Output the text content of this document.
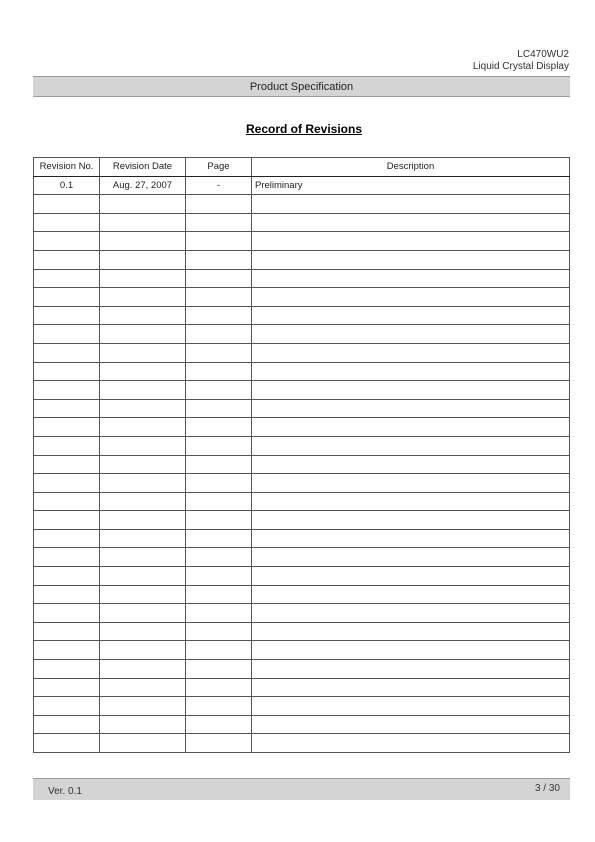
LC470WU2
Liquid Crystal Display
Product Specification
Record of Revisions
Revision No.	Revision Date	Page	Description
0.1	Aug. 27, 2007	-	Preliminary

Ver. 0.1	3 / 30
